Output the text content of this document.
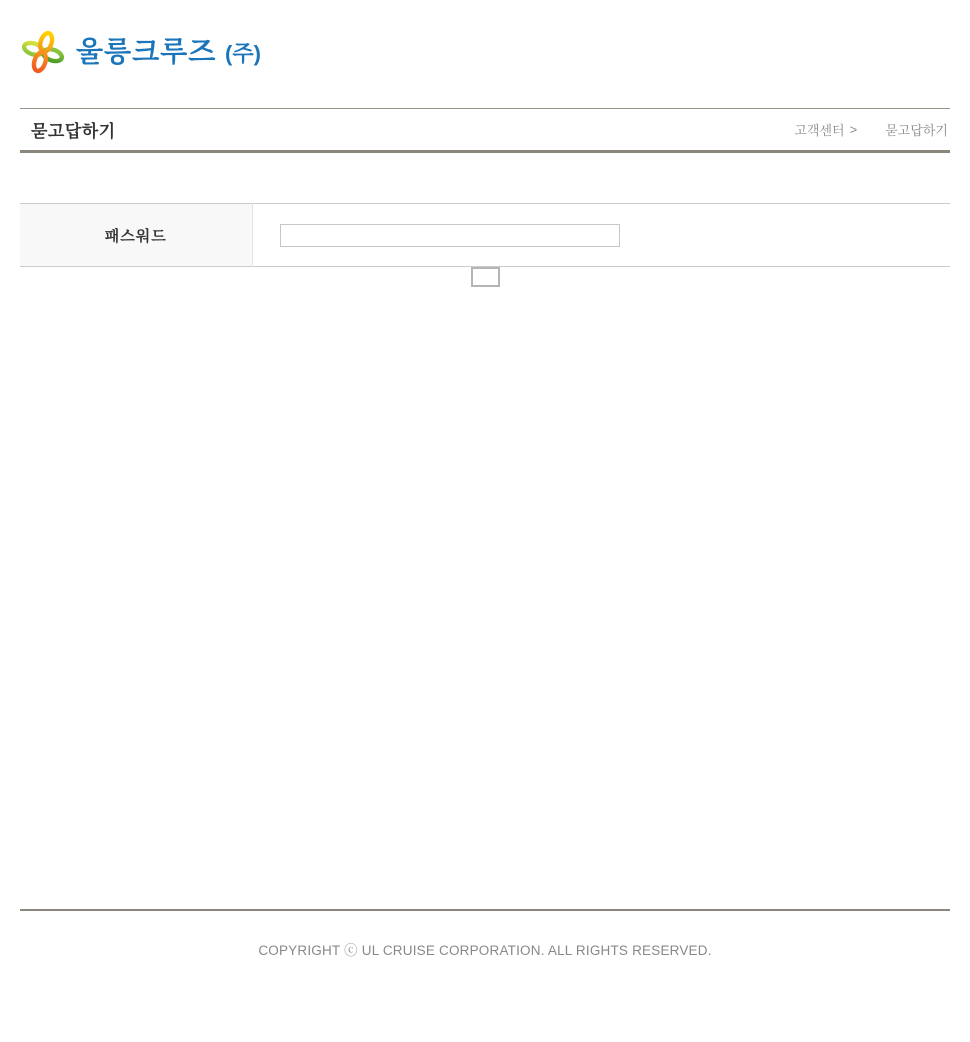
울릉크루즈 (주)
묻고답하기	고객센터 > 묻고답하기
패스워드	

COPYRIGHT ⓒ UL CRUISE CORPORATION. ALL RIGHTS RESERVED.
